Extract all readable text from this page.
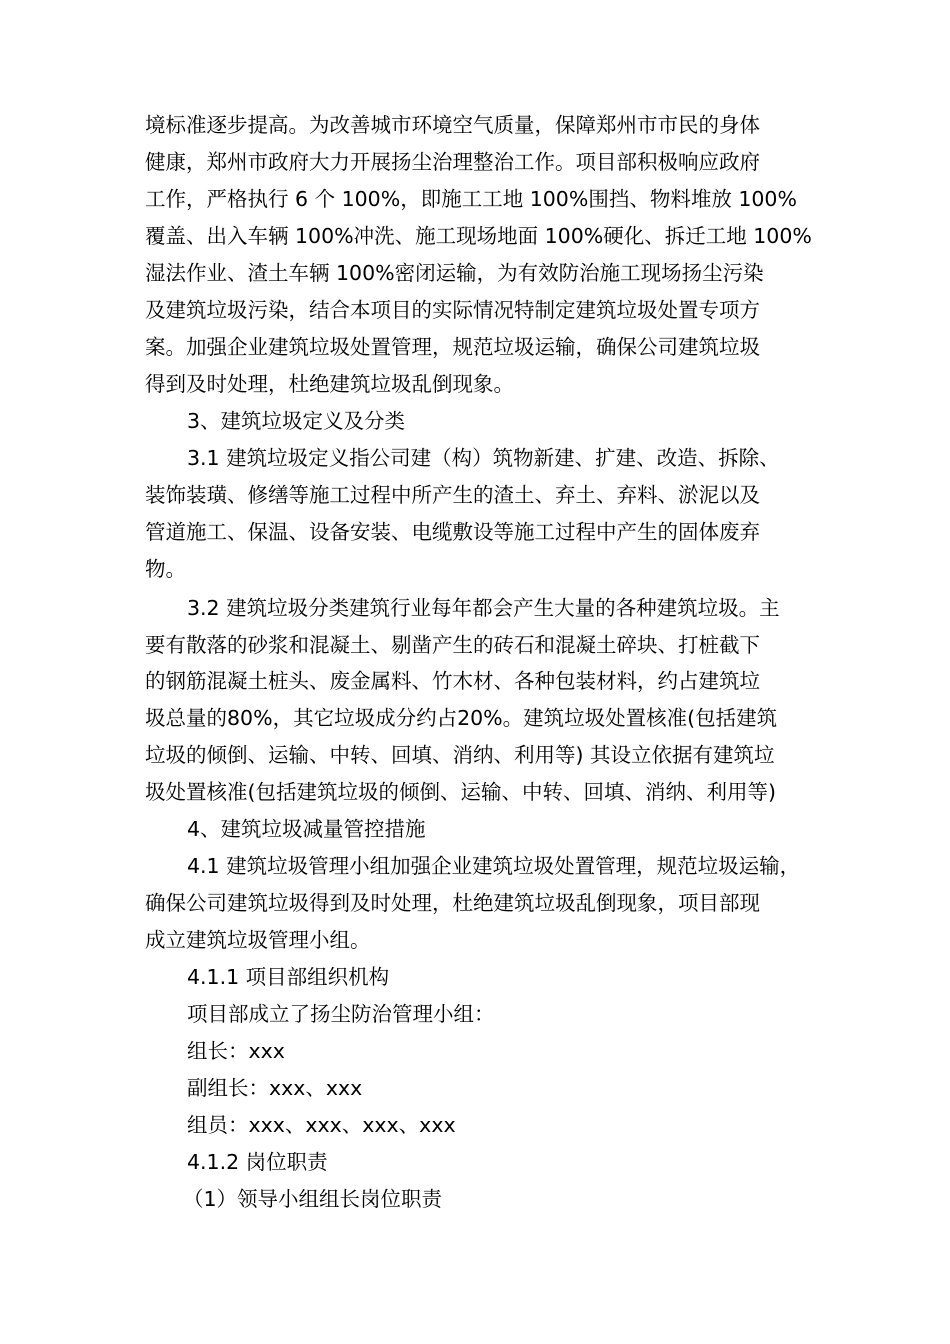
境标准逐步提高。为改善城市环境空气质量，保障郑州市市民的身体
健康，郑州市政府大力开展扬尘治理整治工作。项目部积极响应政府
工作，严格执行 6 个 100%，即施工工地 100%围挡、物料堆放 100%
覆盖、出入车辆 100%冲洗、施工现场地面 100%硬化、拆迁工地 100%
湿法作业、渣土车辆 100%密闭运输，为有效防治施工现场扬尘污染
及建筑垃圾污染，结合本项目的实际情况特制定建筑垃圾处置专项方
案。加强企业建筑垃圾处置管理，规范垃圾运输，确保公司建筑垃圾
得到及时处理，杜绝建筑垃圾乱倒现象。
3、建筑垃圾定义及分类
3.1 建筑垃圾定义指公司建（构）筑物新建、扩建、改造、拆除、
装饰装璜、修缮等施工过程中所产生的渣土、弃土、弃料、淤泥以及
管道施工、保温、设备安装、电缆敷设等施工过程中产生的固体废弃
物。
3.2 建筑垃圾分类建筑行业每年都会产生大量的各种建筑垃圾。主
要有散落的砂浆和混凝土、剔凿产生的砖石和混凝土碎块、打桩截下
的钢筋混凝土桩头、废金属料、竹木材、各种包装材料，约占建筑垃
圾总量的80%，其它垃圾成分约占20%。建筑垃圾处置核准(包括建筑
垃圾的倾倒、运输、中转、回填、消纳、利用等) 其设立依据有建筑垃
圾处置核准(包括建筑垃圾的倾倒、运输、中转、回填、消纳、利用等)
4、建筑垃圾减量管控措施
4.1 建筑垃圾管理小组加强企业建筑垃圾处置管理，规范垃圾运输，
确保公司建筑垃圾得到及时处理，杜绝建筑垃圾乱倒现象，项目部现
成立建筑垃圾管理小组。
4.1.1 项目部组织机构
项目部成立了扬尘防治管理小组：
组长：xxx
副组长：xxx、xxx
组员：xxx、xxx、xxx、xxx
4.1.2 岗位职责
（1）领导小组组长岗位职责
